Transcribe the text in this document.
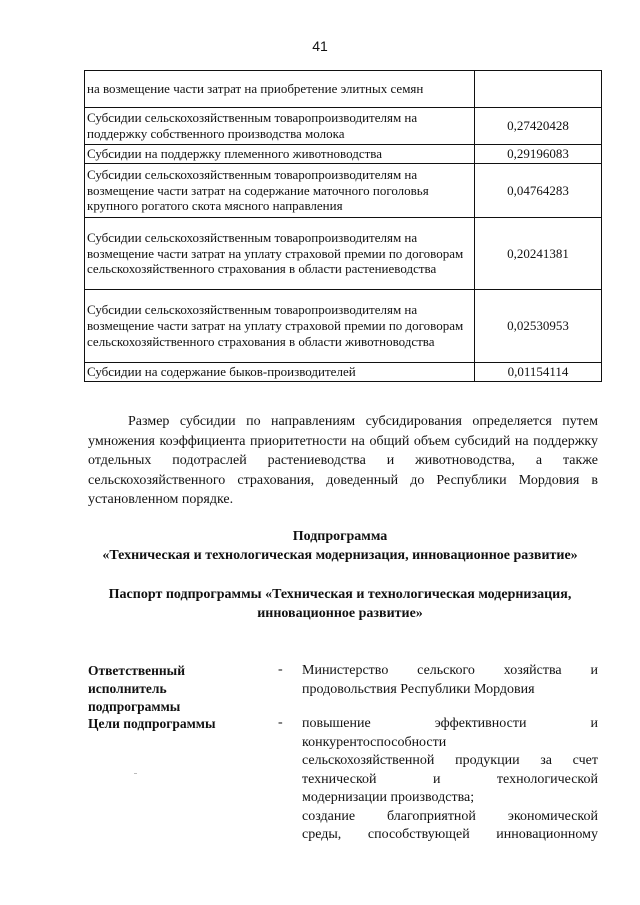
41
на возмещение части затрат на приобретение элитных семян	
Субсидии сельскохозяйственным товаропроизводителям на поддержку собственного производства молока	0,27420428
Субсидии на поддержку племенного животноводства	0,29196083
Субсидии сельскохозяйственным товаропроизводителям на возмещение части затрат на содержание маточного поголовья крупного рогатого скота мясного направления	0,04764283
Субсидии сельскохозяйственным товаропроизводителям на возмещение части затрат на уплату страховой премии по договорам сельскохозяйственного страхования в области растениеводства	0,20241381
Субсидии сельскохозяйственным товаропроизводителям на возмещение части затрат на уплату страховой премии по договорам сельскохозяйственного страхования в области животноводства	0,02530953
Субсидии на содержание быков-производителей	0,01154114
Размер субсидии по направлениям субсидирования определяется путем умножения коэффициента приоритетности на общий объем субсидий на поддержку отдельных подотраслей растениеводства и животноводства, а также сельскохозяйственного страхования, доведенный до Республики Мордовия в установленном порядке.
Подпрограмма
«Техническая и технологическая модернизация, инновационное развитие»
Паспорт подпрограммы «Техническая и технологическая модернизация, инновационное развитие»
Ответственный исполнитель подпрограммы
- Министерство сельского хозяйства и продовольствия Республики Мордовия
Цели подпрограммы	- повышение эффективности и
конкурентоспособности
сельскохозяйственной продукции за счет
технической и технологической
модернизации производства;
создание благоприятной экономической
среды, способствующей инновационному
